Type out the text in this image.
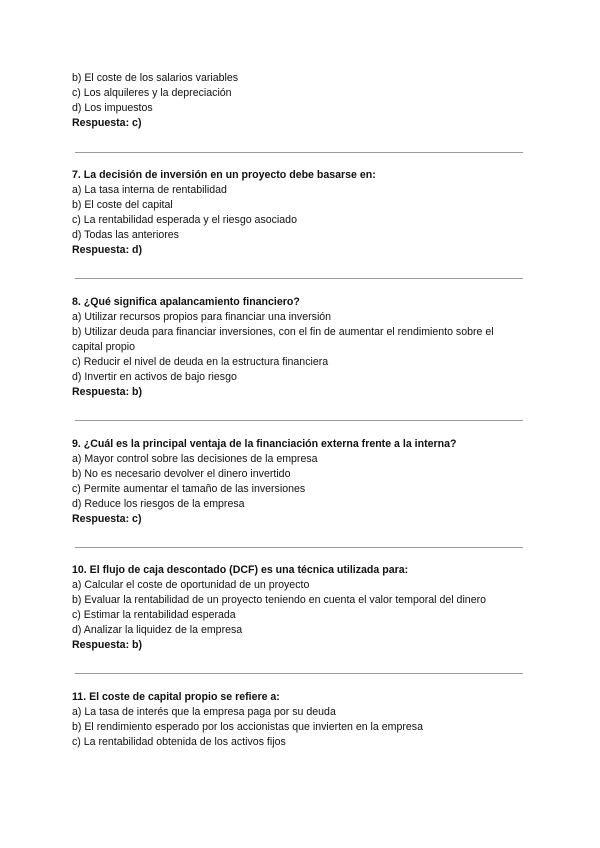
b) El coste de los salarios variables
c) Los alquileres y la depreciación
d) Los impuestos
Respuesta: c)
7. La decisión de inversión en un proyecto debe basarse en:
a) La tasa interna de rentabilidad
b) El coste del capital
c) La rentabilidad esperada y el riesgo asociado
d) Todas las anteriores
Respuesta: d)
8. ¿Qué significa apalancamiento financiero?
a) Utilizar recursos propios para financiar una inversión
b) Utilizar deuda para financiar inversiones, con el fin de aumentar el rendimiento sobre el
capital propio
c) Reducir el nivel de deuda en la estructura financiera
d) Invertir en activos de bajo riesgo
Respuesta: b)
9. ¿Cuál es la principal ventaja de la financiación externa frente a la interna?
a) Mayor control sobre las decisiones de la empresa
b) No es necesario devolver el dinero invertido
c) Permite aumentar el tamaño de las inversiones
d) Reduce los riesgos de la empresa
Respuesta: c)
10. El flujo de caja descontado (DCF) es una técnica utilizada para:
a) Calcular el coste de oportunidad de un proyecto
b) Evaluar la rentabilidad de un proyecto teniendo en cuenta el valor temporal del dinero
c) Estimar la rentabilidad esperada
d) Analizar la liquidez de la empresa
Respuesta: b)
11. El coste de capital propio se refiere a:
a) La tasa de interés que la empresa paga por su deuda
b) El rendimiento esperado por los accionistas que invierten en la empresa
c) La rentabilidad obtenida de los activos fijos
